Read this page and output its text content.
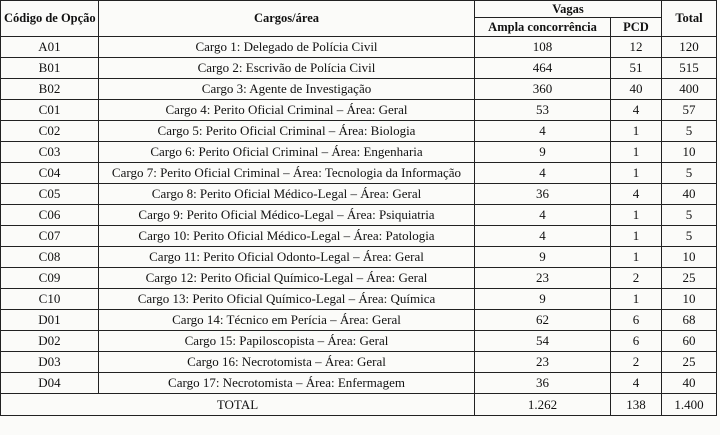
Código de Opção	Cargos/área	Vagas		Total
		Ampla concorrência	PCD	
A01	Cargo 1: Delegado de Polícia Civil	108	12	120
B01	Cargo 2: Escrivão de Polícia Civil	464	51	515
B02	Cargo 3: Agente de Investigação	360	40	400
C01	Cargo 4: Perito Oficial Criminal – Área: Geral	53	4	57
C02	Cargo 5: Perito Oficial Criminal – Área: Biologia	4	1	5
C03	Cargo 6: Perito Oficial Criminal – Área: Engenharia	9	1	10
C04	Cargo 7: Perito Oficial Criminal – Área: Tecnologia da Informação	4	1	5
C05	Cargo 8: Perito Oficial Médico-Legal – Área: Geral	36	4	40
C06	Cargo 9: Perito Oficial Médico-Legal – Área: Psiquiatria	4	1	5
C07	Cargo 10: Perito Oficial Médico-Legal – Área: Patologia	4	1	5
C08	Cargo 11: Perito Oficial Odonto-Legal – Área: Geral	9	1	10
C09	Cargo 12: Perito Oficial Químico-Legal – Área: Geral	23	2	25
C10	Cargo 13: Perito Oficial Químico-Legal – Área: Química	9	1	10
D01	Cargo 14: Técnico em Perícia – Área: Geral	62	6	68
D02	Cargo 15: Papiloscopista – Área: Geral	54	6	60
D03	Cargo 16: Necrotomista – Área: Geral	23	2	25
D04	Cargo 17: Necrotomista – Área: Enfermagem	36	4	40
TOTAL		1.262	138	1.400
